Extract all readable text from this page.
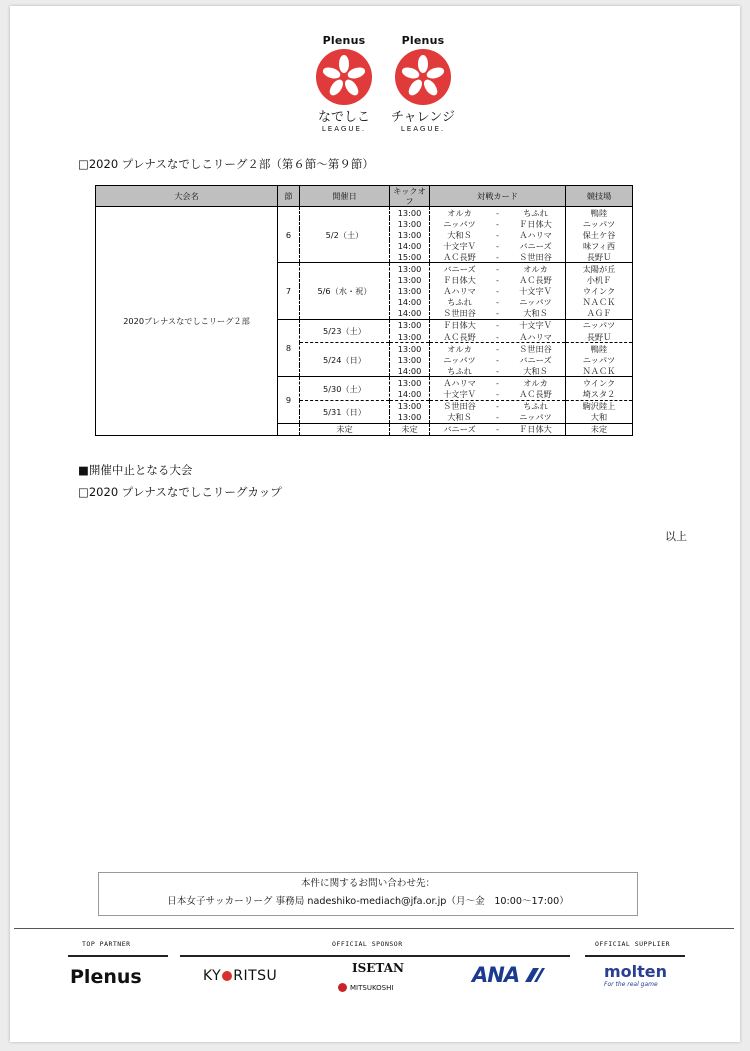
Plenus
なでしこ
LEAGUE.
Plenus
チャレンジ
LEAGUE.
□2020 プレナスなでしこリーグ２部（第６節～第９節）
大会名	節	開催日	キックオフ	対戦カード	競技場
2020プレナスなでしこリーグ２部	6	5/2（土）	13:00	オルカ - ちふれ	鴨陸
			13:00	ニッパツ - Ｆ日体大	ニッパツ
			13:00	大和Ｓ - Ａハリマ	保土ケ谷
			14:00	十文字Ｖ - バニーズ	味フィ西
			15:00	ＡＣ長野 - Ｓ世田谷	長野Ｕ
	7	5/6（水・祝）	13:00	バニーズ - オルカ	太陽が丘
			13:00	Ｆ日体大 - ＡＣ長野	小机Ｆ
			13:00	Ａハリマ - 十文字Ｖ	ウインク
			14:00	ちふれ - ニッパツ	ＮＡＣＫ
			14:00	Ｓ世田谷 - 大和Ｓ	ＡＧＦ
	8	5/23（土）	13:00	Ｆ日体大 - 十文字Ｖ	ニッパツ
			13:00	ＡＣ長野 - Ａハリマ	長野Ｕ
		5/24（日）	13:00	オルカ - Ｓ世田谷	鴨陸
			13:00	ニッパツ - バニーズ	ニッパツ
			14:00	ちふれ - 大和Ｓ	ＮＡＣＫ
	9	5/30（土）	13:00	Ａハリマ - オルカ	ウインク
			14:00	十文字Ｖ - ＡＣ長野	埼スタ２
		5/31（日）	13:00	Ｓ世田谷 - ちふれ	駒沢陸上
			13:00	大和Ｓ - ニッパツ	大和
		未定	未定	バニーズ - Ｆ日体大	未定
■開催中止となる大会
□2020 プレナスなでしこリーグカップ
以上
本件に関するお問い合わせ先：
日本女子サッカーリーグ 事務局 nadeshiko-mediach@jfa.or.jp（月～金　10:00～17:00）
TOP PARTNER	OFFICIAL SPONSOR	OFFICIAL SUPPLIER
Plenus	KY RITSU	ISETAN
MITSUKOSHI
ANA	molten
For the real game
